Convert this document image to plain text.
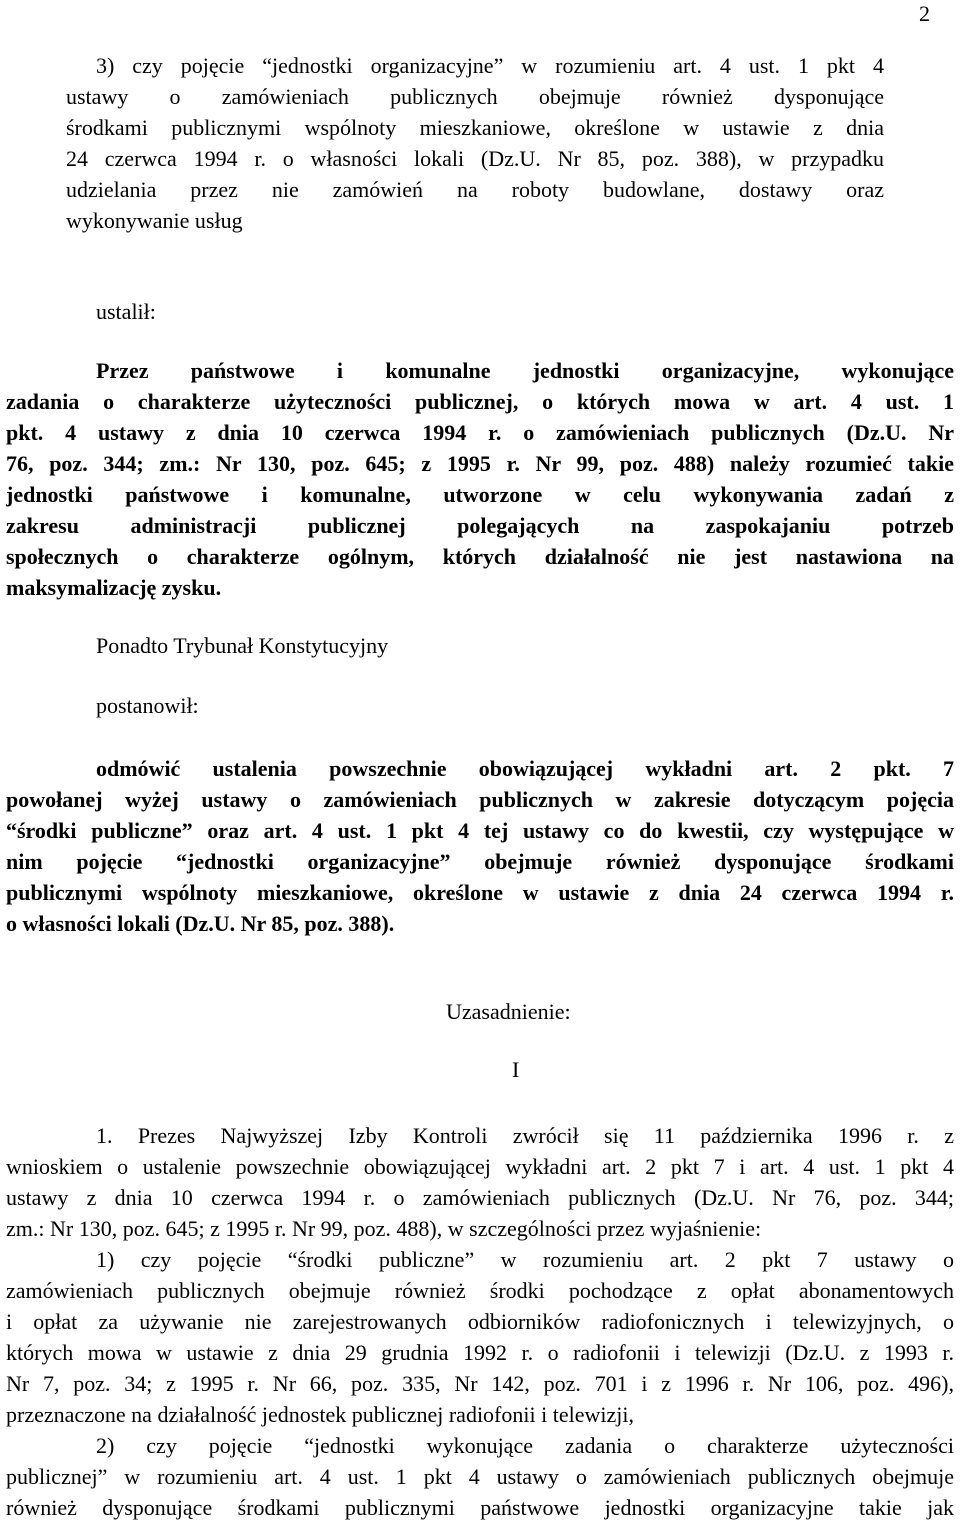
2
3) czy pojęcie “jednostki organizacyjne” w rozumieniu art. 4 ust. 1 pkt 4
ustawy o zamówieniach publicznych obejmuje również dysponujące
środkami publicznymi wspólnoty mieszkaniowe, określone w ustawie z dnia
24 czerwca 1994 r. o własności lokali (Dz.U. Nr 85, poz. 388), w przypadku
udzielania przez nie zamówień na roboty budowlane, dostawy oraz
wykonywanie usług
ustalił:
Przez państwowe i komunalne jednostki organizacyjne, wykonujące
zadania o charakterze użyteczności publicznej, o których mowa w art. 4 ust. 1
pkt. 4 ustawy z dnia 10 czerwca 1994 r. o zamówieniach publicznych (Dz.U. Nr
76, poz. 344; zm.: Nr 130, poz. 645; z 1995 r. Nr 99, poz. 488) należy rozumieć takie
jednostki państwowe i komunalne, utworzone w celu wykonywania zadań z
zakresu administracji publicznej polegających na zaspokajaniu potrzeb
społecznych o charakterze ogólnym, których działalność nie jest nastawiona na
maksymalizację zysku.
Ponadto Trybunał Konstytucyjny
postanowił:
odmówić ustalenia powszechnie obowiązującej wykładni art. 2 pkt. 7
powołanej wyżej ustawy o zamówieniach publicznych w zakresie dotyczącym pojęcia
“środki publiczne” oraz art. 4 ust. 1 pkt 4 tej ustawy co do kwestii, czy występujące w
nim pojęcie “jednostki organizacyjne” obejmuje również dysponujące środkami
publicznymi wspólnoty mieszkaniowe, określone w ustawie z dnia 24 czerwca 1994 r.
o własności lokali (Dz.U. Nr 85, poz. 388).
Uzasadnienie:
I
1. Prezes Najwyższej Izby Kontroli zwrócił się 11 października 1996 r. z
wnioskiem o ustalenie powszechnie obowiązującej wykładni art. 2 pkt 7 i art. 4 ust. 1 pkt 4
ustawy z dnia 10 czerwca 1994 r. o zamówieniach publicznych (Dz.U. Nr 76, poz. 344;
zm.: Nr 130, poz. 645; z 1995 r. Nr 99, poz. 488), w szczególności przez wyjaśnienie:
1) czy pojęcie “środki publiczne” w rozumieniu art. 2 pkt 7 ustawy o
zamówieniach publicznych obejmuje również środki pochodzące z opłat abonamentowych
i opłat za używanie nie zarejestrowanych odbiorników radiofonicznych i telewizyjnych, o
których mowa w ustawie z dnia 29 grudnia 1992 r. o radiofonii i telewizji (Dz.U. z 1993 r.
Nr 7, poz. 34; z 1995 r. Nr 66, poz. 335, Nr 142, poz. 701 i z 1996 r. Nr 106, poz. 496),
przeznaczone na działalność jednostek publicznej radiofonii i telewizji,
2) czy pojęcie “jednostki wykonujące zadania o charakterze użyteczności
publicznej” w rozumieniu art. 4 ust. 1 pkt 4 ustawy o zamówieniach publicznych obejmuje
również dysponujące środkami publicznymi państwowe jednostki organizacyjne takie jak
